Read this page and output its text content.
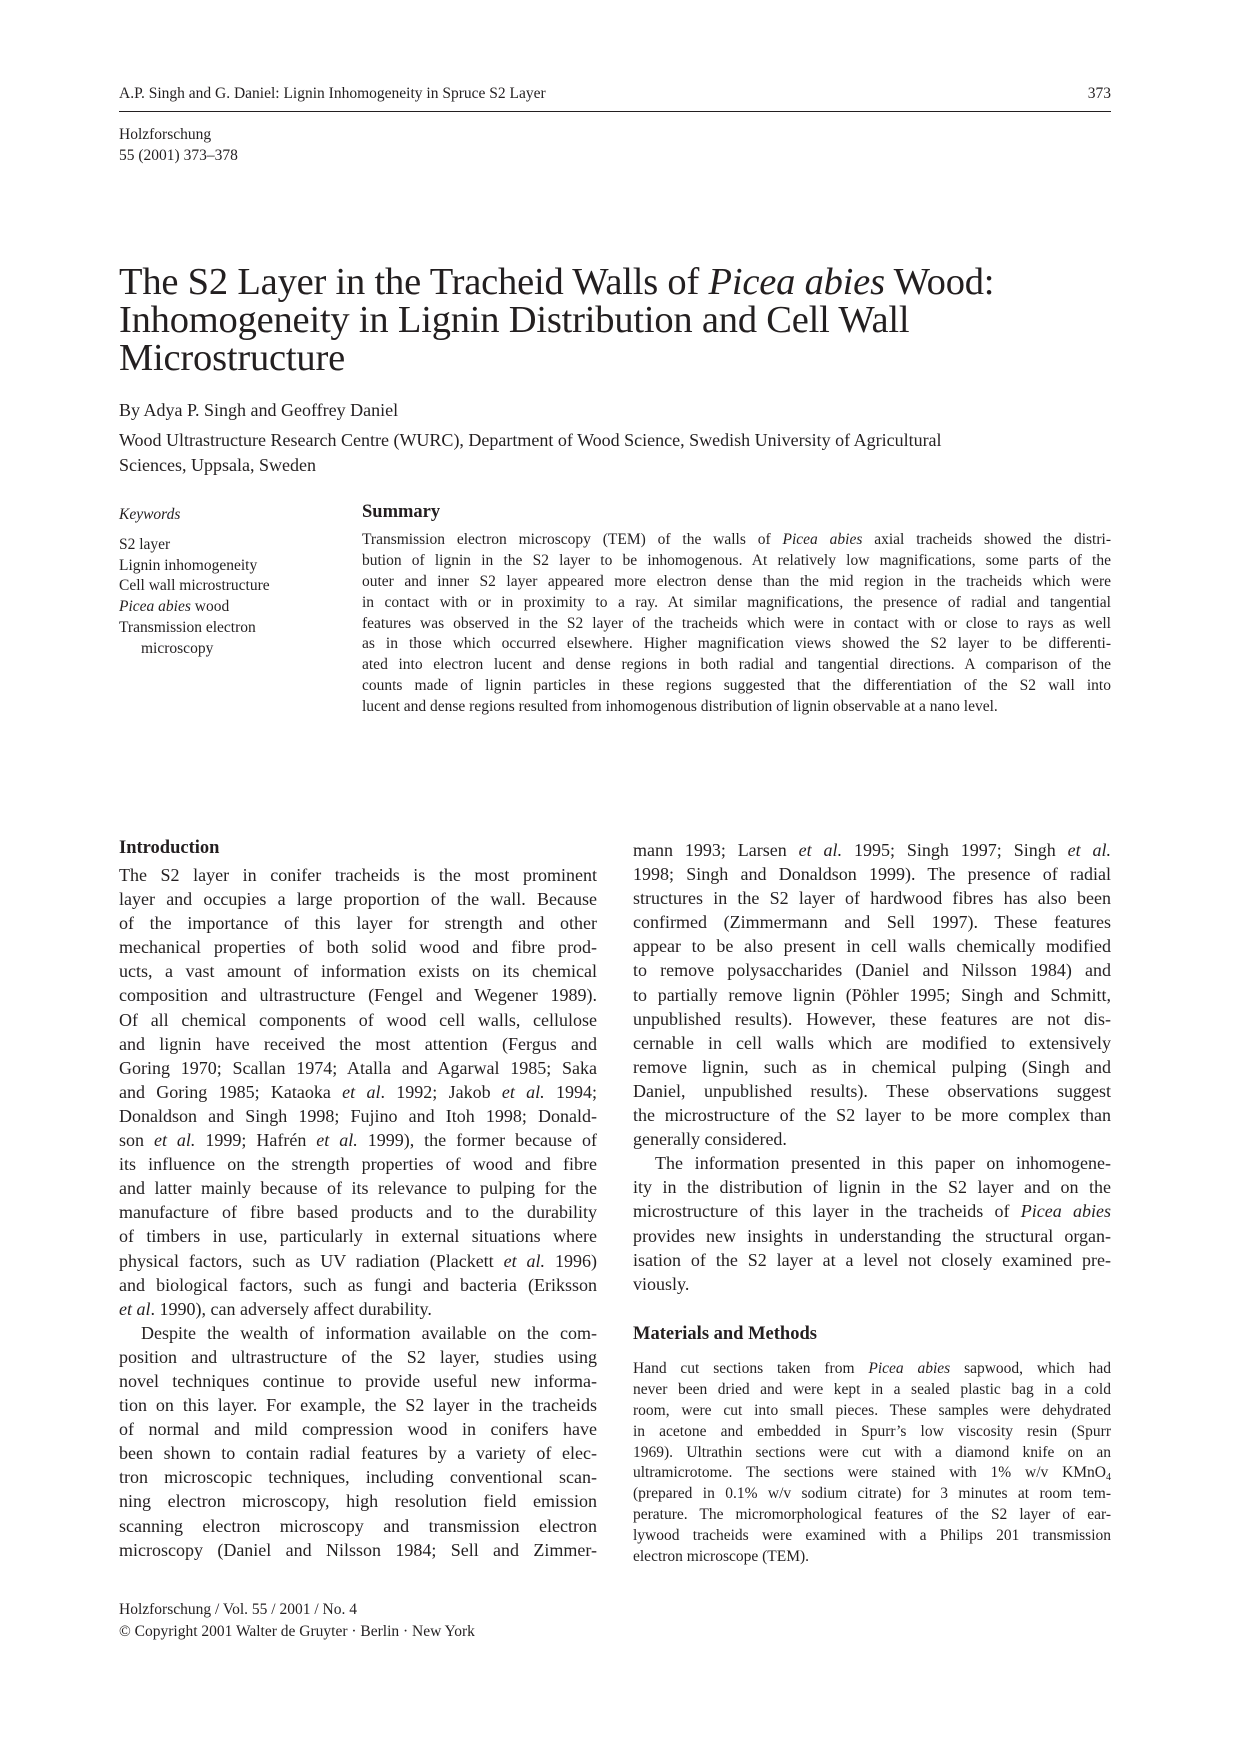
A.P. Singh and G. Daniel: Lignin Inhomogeneity in Spruce S2 Layer	373
Holzforschung
55 (2001) 373–378
The S2 Layer in the Tracheid Walls of Picea abies Wood:
Inhomogeneity in Lignin Distribution and Cell Wall
Microstructure
By Adya P. Singh and Geoffrey Daniel
Wood Ultrastructure Research Centre (WURC), Department of Wood Science, Swedish University of Agricultural
Sciences, Uppsala, Sweden
Keywords
S2 layer
Lignin inhomogeneity
Cell wall microstructure
Picea abies wood
Transmission electron
microscopy
Summary
Transmission electron microscopy (TEM) of the walls of Picea abies axial tracheids showed the distri-
bution of lignin in the S2 layer to be inhomogenous. At relatively low magnifications, some parts of the
outer and inner S2 layer appeared more electron dense than the mid region in the tracheids which were
in contact with or in proximity to a ray. At similar magnifications, the presence of radial and tangential
features was observed in the S2 layer of the tracheids which were in contact with or close to rays as well
as in those which occurred elsewhere. Higher magnification views showed the S2 layer to be differenti-
ated into electron lucent and dense regions in both radial and tangential directions. A comparison of the
counts made of lignin particles in these regions suggested that the differentiation of the S2 wall into
lucent and dense regions resulted from inhomogenous distribution of lignin observable at a nano level.
Introduction
The S2 layer in conifer tracheids is the most prominent
layer and occupies a large proportion of the wall. Because
of the importance of this layer for strength and other
mechanical properties of both solid wood and fibre prod-
ucts, a vast amount of information exists on its chemical
composition and ultrastructure (Fengel and Wegener 1989).
Of all chemical components of wood cell walls, cellulose
and lignin have received the most attention (Fergus and
Goring 1970; Scallan 1974; Atalla and Agarwal 1985; Saka
and Goring 1985; Kataoka et al. 1992; Jakob et al. 1994;
Donaldson and Singh 1998; Fujino and Itoh 1998; Donald-
son et al. 1999; Hafrén et al. 1999), the former because of
its influence on the strength properties of wood and fibre
and latter mainly because of its relevance to pulping for the
manufacture of fibre based products and to the durability
of timbers in use, particularly in external situations where
physical factors, such as UV radiation (Plackett et al. 1996)
and biological factors, such as fungi and bacteria (Eriksson
et al. 1990), can adversely affect durability.
Despite the wealth of information available on the com-
position and ultrastructure of the S2 layer, studies using
novel techniques continue to provide useful new informa-
tion on this layer. For example, the S2 layer in the tracheids
of normal and mild compression wood in conifers have
been shown to contain radial features by a variety of elec-
tron microscopic techniques, including conventional scan-
ning electron microscopy, high resolution field emission
scanning electron microscopy and transmission electron
microscopy (Daniel and Nilsson 1984; Sell and Zimmer-
mann 1993; Larsen et al. 1995; Singh 1997; Singh et al.
1998; Singh and Donaldson 1999). The presence of radial
structures in the S2 layer of hardwood fibres has also been
confirmed (Zimmermann and Sell 1997). These features
appear to be also present in cell walls chemically modified
to remove polysaccharides (Daniel and Nilsson 1984) and
to partially remove lignin (Pöhler 1995; Singh and Schmitt,
unpublished results). However, these features are not dis-
cernable in cell walls which are modified to extensively
remove lignin, such as in chemical pulping (Singh and
Daniel, unpublished results). These observations suggest
the microstructure of the S2 layer to be more complex than
generally considered.
The information presented in this paper on inhomogene-
ity in the distribution of lignin in the S2 layer and on the
microstructure of this layer in the tracheids of Picea abies
provides new insights in understanding the structural organ-
isation of the S2 layer at a level not closely examined pre-
viously.
Materials and Methods
Hand cut sections taken from Picea abies sapwood, which had
never been dried and were kept in a sealed plastic bag in a cold
room, were cut into small pieces. These samples were dehydrated
in acetone and embedded in Spurr’s low viscosity resin (Spurr
1969). Ultrathin sections were cut with a diamond knife on an
ultramicrotome. The sections were stained with 1% w/v KMnO$_4$
(prepared in 0.1% w/v sodium citrate) for 3 minutes at room tem-
perature. The micromorphological features of the S2 layer of ear-
lywood tracheids were examined with a Philips 201 transmission
electron microscope (TEM).
Holzforschung / Vol. 55 / 2001 / No. 4
© Copyright 2001 Walter de Gruyter · Berlin · New York
